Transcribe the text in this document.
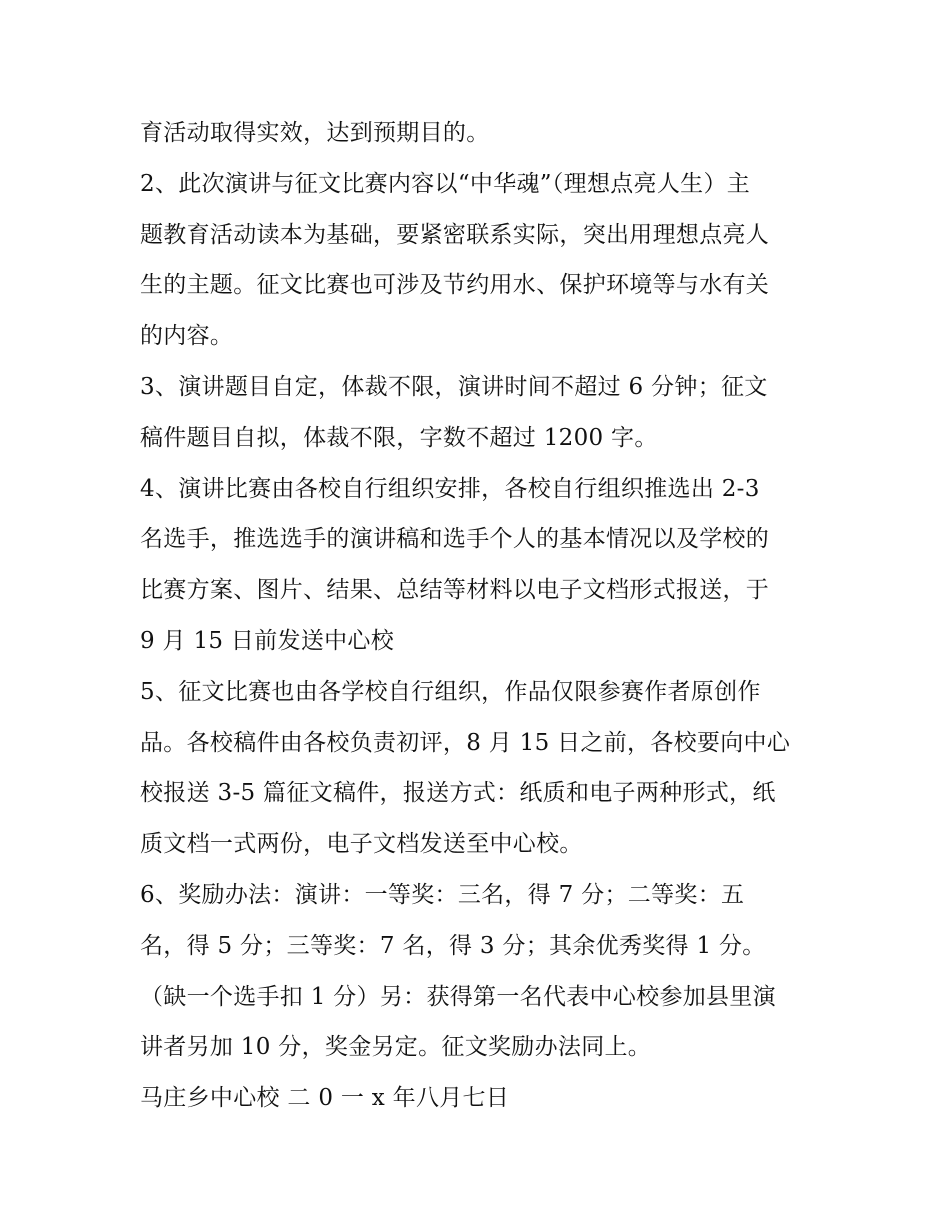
育活动取得实效，达到预期目的。
2、此次演讲与征文比赛内容以“中华魂”（理想点亮人生）主
题教育活动读本为基础，要紧密联系实际，突出用理想点亮人
生的主题。征文比赛也可涉及节约用水、保护环境等与水有关
的内容。
3、演讲题目自定，体裁不限，演讲时间不超过 6 分钟；征文
稿件题目自拟，体裁不限，字数不超过 1200 字。
4、演讲比赛由各校自行组织安排，各校自行组织推选出 2-3
名选手，推选选手的演讲稿和选手个人的基本情况以及学校的
比赛方案、图片、结果、总结等材料以电子文档形式报送，于
9 月 15 日前发送中心校
5、征文比赛也由各学校自行组织，作品仅限参赛作者原创作
品。各校稿件由各校负责初评，8 月 15 日之前，各校要向中心
校报送 3-5 篇征文稿件，报送方式：纸质和电子两种形式，纸
质文档一式两份，电子文档发送至中心校。
6、奖励办法：演讲：一等奖：三名，得 7 分；二等奖：五
名，得 5 分；三等奖：7 名，得 3 分；其余优秀奖得 1 分。
（缺一个选手扣 1 分）另：获得第一名代表中心校参加县里演
讲者另加 10 分，奖金另定。征文奖励办法同上。
马庄乡中心校 二 0 一 x 年八月七日
